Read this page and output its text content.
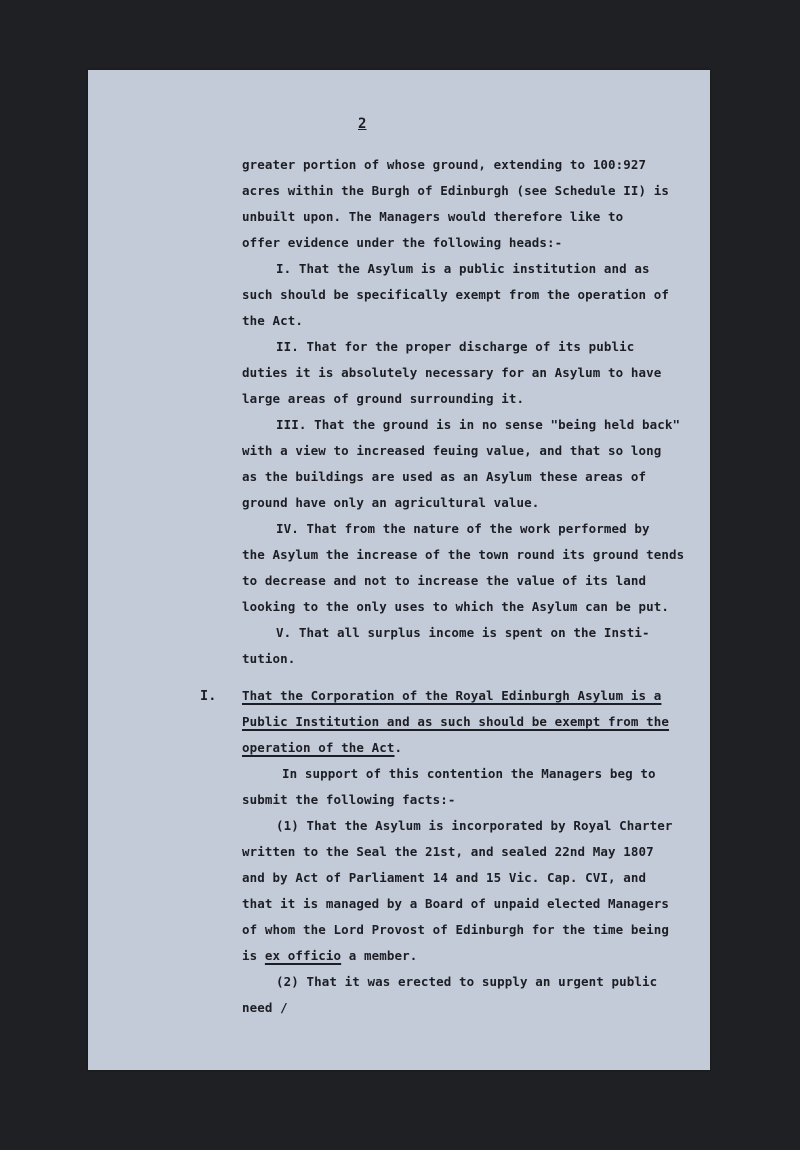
2
greater portion of whose ground, extending to 100:927
acres within the Burgh of Edinburgh (see Schedule II) is
unbuilt upon. The Managers would therefore like to
offer evidence under the following heads:-
I. That the Asylum is a public institution and as
such should be specifically exempt from the operation of
the Act.
II. That for the proper discharge of its public
duties it is absolutely necessary for an Asylum to have
large areas of ground surrounding it.
III. That the ground is in no sense "being held back"
with a view to increased feuing value, and that so long
as the buildings are used as an Asylum these areas of
ground have only an agricultural value.
IV. That from the nature of the work performed by
the Asylum the increase of the town round its ground tends
to decrease and not to increase the value of its land
looking to the only uses to which the Asylum can be put.
V. That all surplus income is spent on the Insti-
tution.
I. That the Corporation of the Royal Edinburgh Asylum is a
Public Institution and as such should be exempt from the
operation of the Act.
In support of this contention the Managers beg to
submit the following facts:-
(1) That the Asylum is incorporated by Royal Charter
written to the Seal the 21st, and sealed 22nd May 1807
and by Act of Parliament 14 and 15 Vic. Cap. CVI, and
that it is managed by a Board of unpaid elected Managers
of whom the Lord Provost of Edinburgh for the time being
is ex officio a member.
(2) That it was erected to supply an urgent public
need /
